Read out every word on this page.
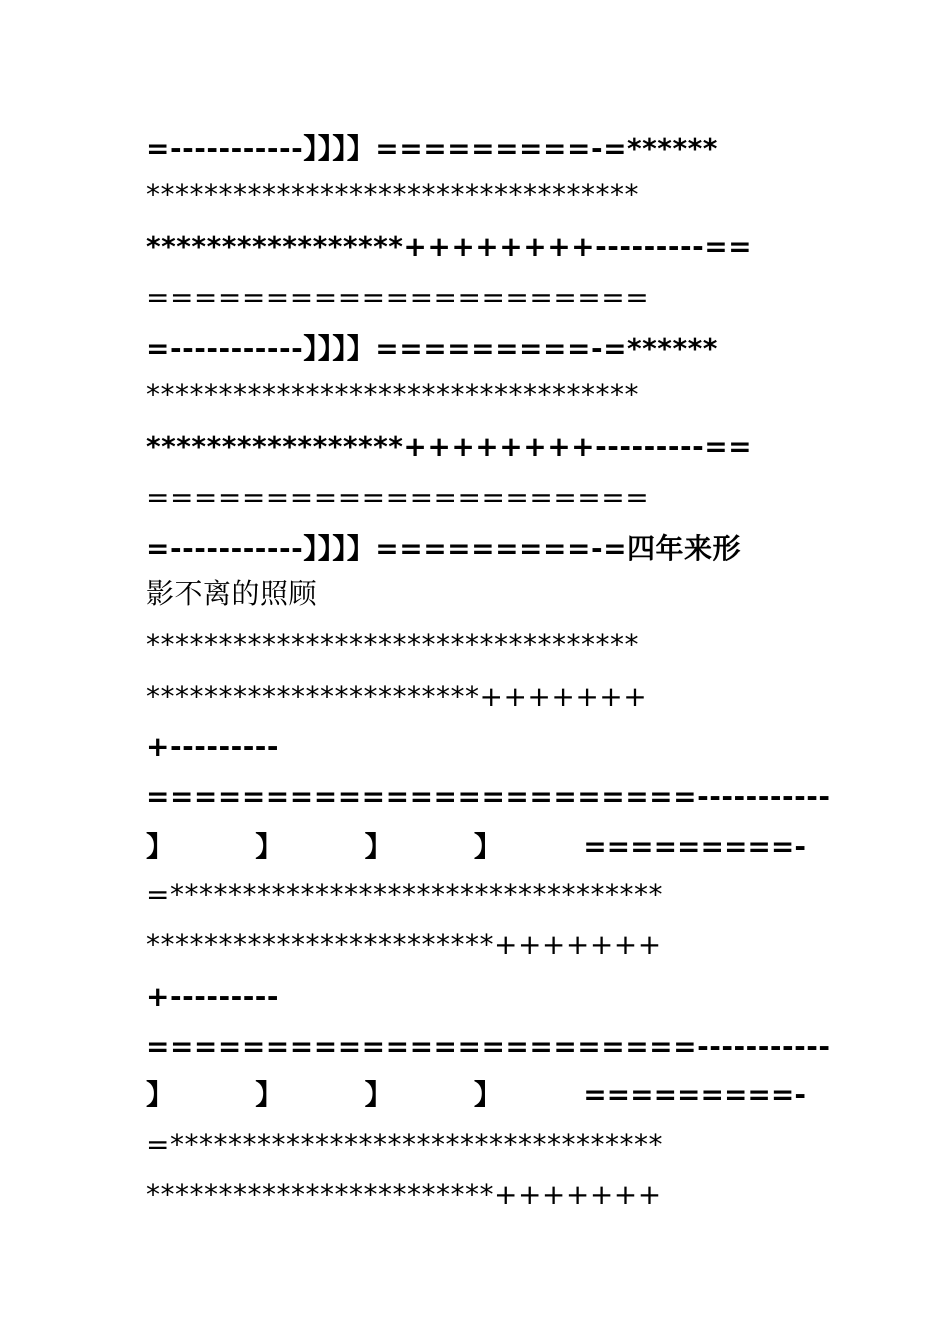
=-----------】】】】=========-=******
**********************************
*****************++++++++---------==
=====================
=-----------】】】】=========-=******
**********************************
*****************++++++++---------==
=====================
=-----------】】】】=========-=四年来形
影不离的照顾
**********************************
***********************+++++++
+---------
=======================-----------
】	】	】	】	=========-
=**********************************
************************+++++++
+---------
=======================-----------
】	】	】	】	=========-
=**********************************
************************+++++++
